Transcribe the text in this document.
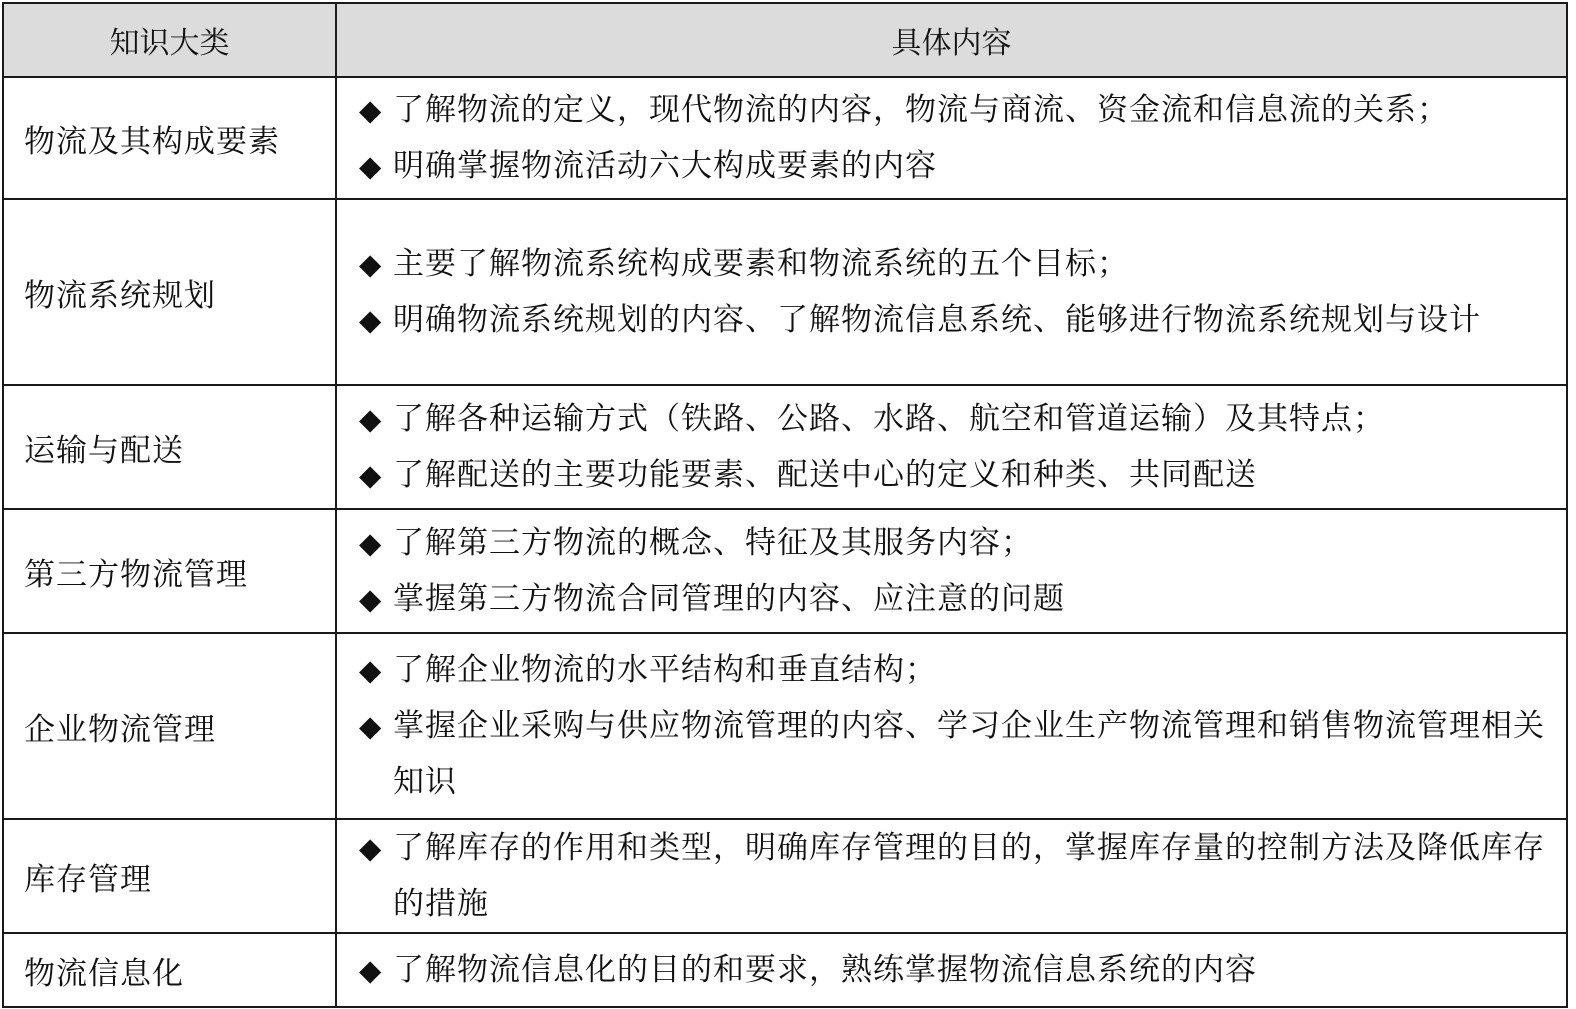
知识大类	具体内容
物流及其构成要素	◆ 了解物流的定义，现代物流的内容，物流与商流、资金流和信息流的关系；
◆ 明确掌握物流活动六大构成要素的内容

物流系统规划	◆ 主要了解物流系统构成要素和物流系统的五个目标；
◆ 明确物流系统规划的内容、了解物流信息系统、能够进行物流系统规划与设计

运输与配送	◆ 了解各种运输方式（铁路、公路、水路、航空和管道运输）及其特点；
◆ 了解配送的主要功能要素、配送中心的定义和种类、共同配送

第三方物流管理	◆ 了解第三方物流的概念、特征及其服务内容；
◆ 掌握第三方物流合同管理的内容、应注意的问题

企业物流管理	◆ 了解企业物流的水平结构和垂直结构；
◆ 掌握企业采购与供应物流管理的内容、学习企业生产物流管理和销售物流管理相关知识

库存管理	◆ 了解库存的作用和类型，明确库存管理的目的，掌握库存量的控制方法及降低库存的措施

物流信息化	◆ 了解物流信息化的目的和要求，熟练掌握物流信息系统的内容
